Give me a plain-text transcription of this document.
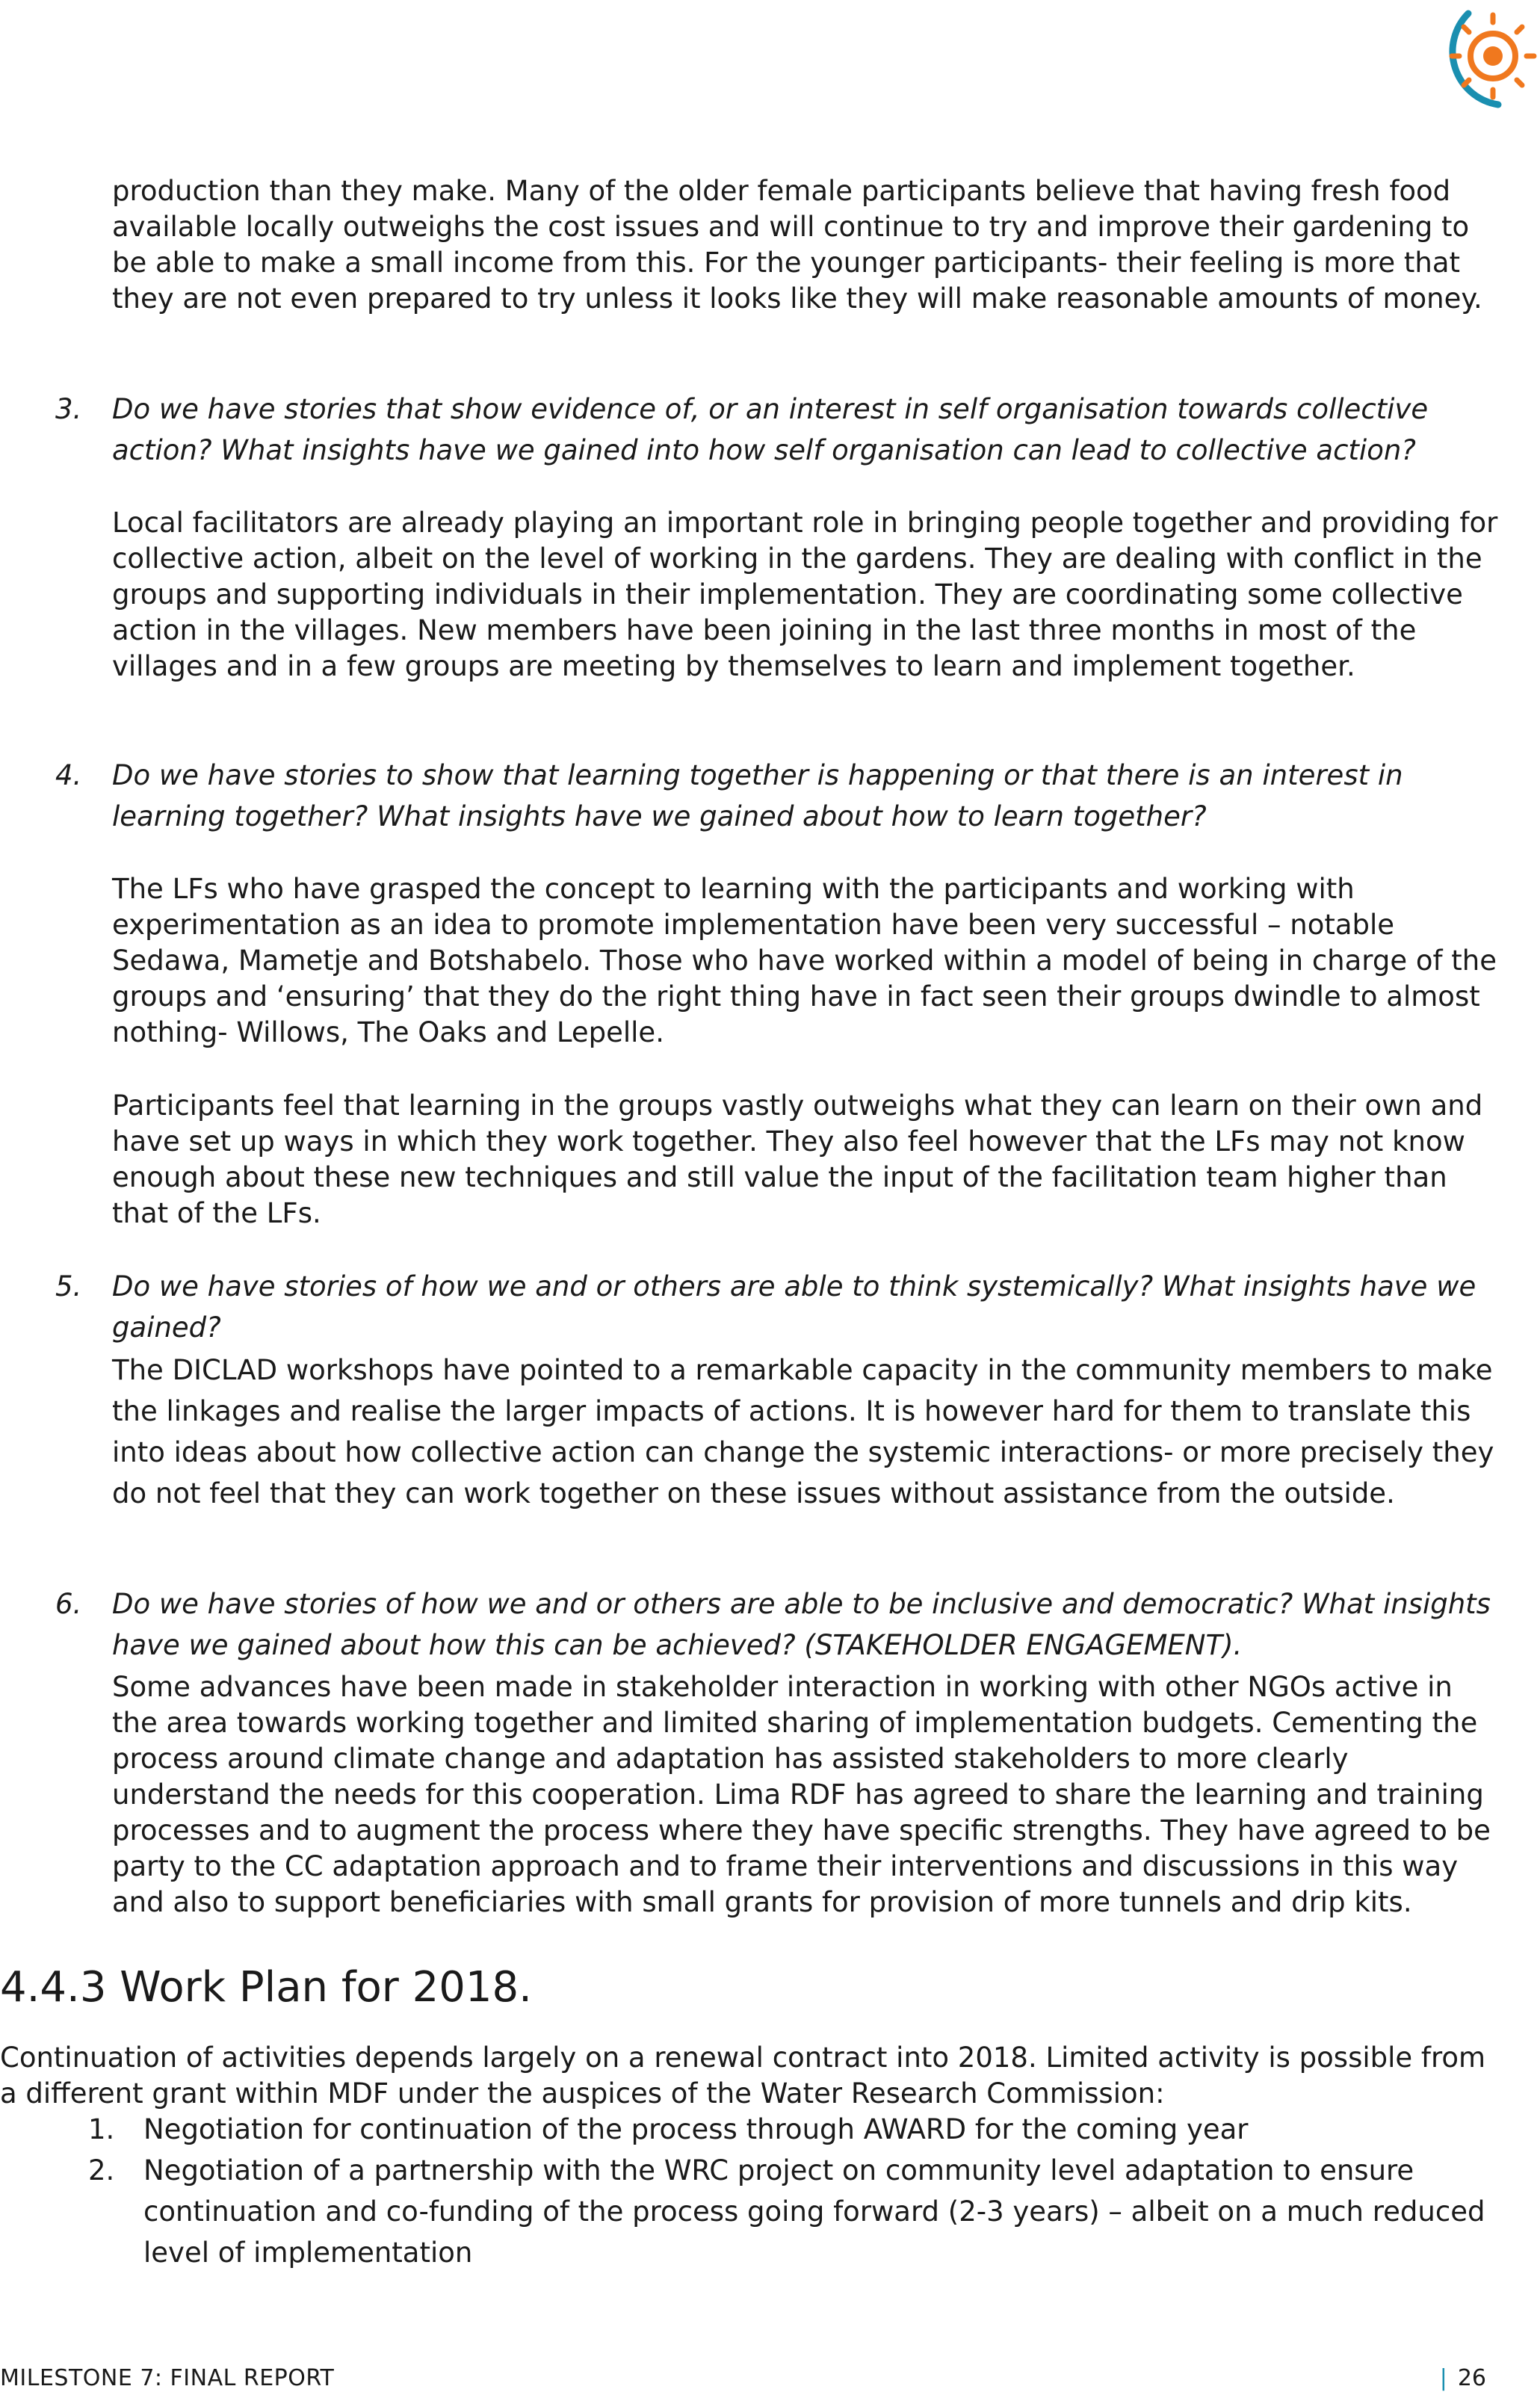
production than they make. Many of the older female participants believe that having fresh food available locally outweighs the cost issues and will continue to try and improve their gardening to be able to make a small income from this. For the younger participants- their feeling is more that they are not even prepared to try unless it looks like they will make reasonable amounts of money.

3.	Do we have stories that show evidence of, or an interest in self organisation towards collective action? What insights have we gained into how self organisation can lead to collective action?

Local facilitators are already playing an important role in bringing people together and providing for collective action, albeit on the level of working in the gardens. They are dealing with conflict in the groups and supporting individuals in their implementation. They are coordinating some collective action in the villages. New members have been joining in the last three months in most of the villages and in a few groups are meeting by themselves to learn and implement together.

4.	Do we have stories to show that learning together is happening or that there is an interest in learning together? What insights have we gained about how to learn together?

The LFs who have grasped the concept to learning with the participants and working with experimentation as an idea to promote implementation have been very successful – notable Sedawa, Mametje and Botshabelo. Those who have worked within a model of being in charge of the groups and ‘ensuring’ that they do the right thing have in fact seen their groups dwindle to almost nothing- Willows, The Oaks and Lepelle.

Participants feel that learning in the groups vastly outweighs what they can learn on their own and have set up ways in which they work together. They also feel however that the LFs may not know enough about these new techniques and still value the input of the facilitation team higher than that of the LFs.

5.	Do we have stories of how we and or others are able to think systemically? What insights have we gained?

The DICLAD workshops have pointed to a remarkable capacity in the community members to make the linkages and realise the larger impacts of actions. It is however hard for them to translate this into ideas about how collective action can change the systemic interactions- or more precisely they do not feel that they can work together on these issues without assistance from the outside.

6.	Do we have stories of how we and or others are able to be inclusive and democratic? What insights have we gained about how this can be achieved? (STAKEHOLDER ENGAGEMENT).

Some advances have been made in stakeholder interaction in working with other NGOs active in the area towards working together and limited sharing of implementation budgets. Cementing the process around climate change and adaptation has assisted stakeholders to more clearly understand the needs for this cooperation. Lima RDF has agreed to share the learning and training processes and to augment the process where they have specific strengths. They have agreed to be party to the CC adaptation approach and to frame their interventions and discussions in this way and also to support beneficiaries with small grants for provision of more tunnels and drip kits.

4.4.3 Work Plan for 2018.

Continuation of activities depends largely on a renewal contract into 2018. Limited activity is possible from a different grant within MDF under the auspices of the Water Research Commission:

1.	Negotiation for continuation of the process through AWARD for the coming year
2.	Negotiation of a partnership with the WRC project on community level adaptation to ensure continuation and co-funding of the process going forward (2-3 years) – albeit on a much reduced level of implementation
MILESTONE 7: FINAL REPORT	| 26
